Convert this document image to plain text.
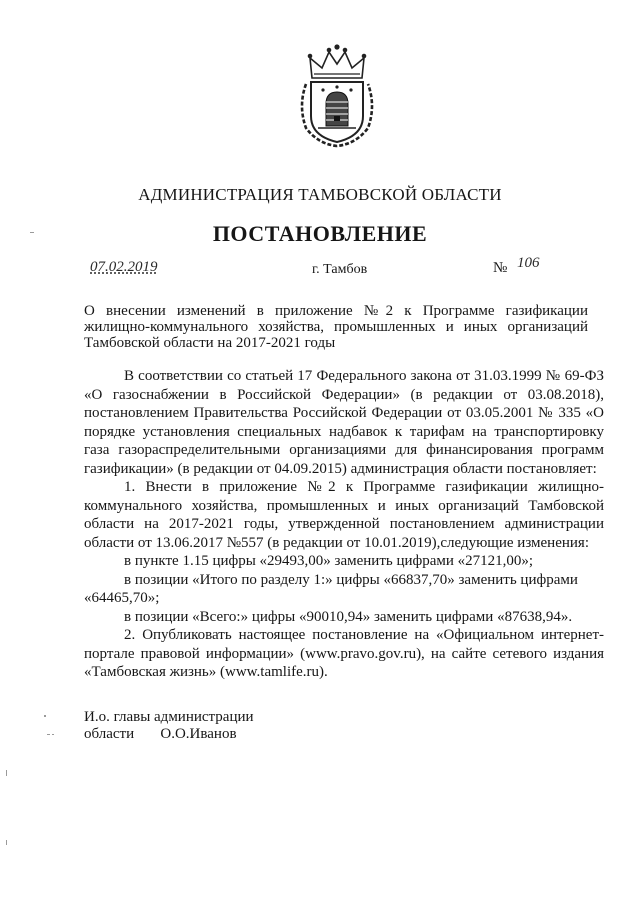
АДМИНИСТРАЦИЯ ТАМБОВСКОЙ ОБЛАСТИ
ПОСТАНОВЛЕНИЕ
07.02.2019	г. Тамбов	№ 106
О внесении изменений в приложение №2 к Программе газификации жилищно-коммунального хозяйства, промышленных и иных организаций Тамбовской области на 2017-2021 годы

В соответствии со статьей 17 Федерального закона от 31.03.1999 № 69-ФЗ «О газоснабжении в Российской Федерации» (в редакции от 03.08.2018), постановлением Правительства Российской Федерации от 03.05.2001 № 335 «О порядке установления специальных надбавок к тарифам на транспортировку газа газораспределительными организациями для финансирования программ газификации» (в редакции от 04.09.2015) администрация области постановляет:

1. Внести в приложение №2 к Программе газификации жилищно-коммунального хозяйства, промышленных и иных организаций Тамбовской области на 2017-2021 годы, утвержденной постановлением администрации области от 13.06.2017 №557 (в редакции от 10.01.2019),следующие изменения:

в пункте 1.15 цифры «29493,00» заменить цифрами «27121,00»;

в позиции «Итого по разделу 1:» цифры «66837,70» заменить цифрами «64465,70»;

в позиции «Всего:» цифры «90010,94» заменить цифрами «87638,94».

2. Опубликовать настоящее постановление на «Официальном интернет-портале правовой информации» (www.pravo.gov.ru), на сайте сетевого издания «Тамбовская жизнь» (www.tamlife.ru).

И.о. главы администрации
области       О.О.Иванов
